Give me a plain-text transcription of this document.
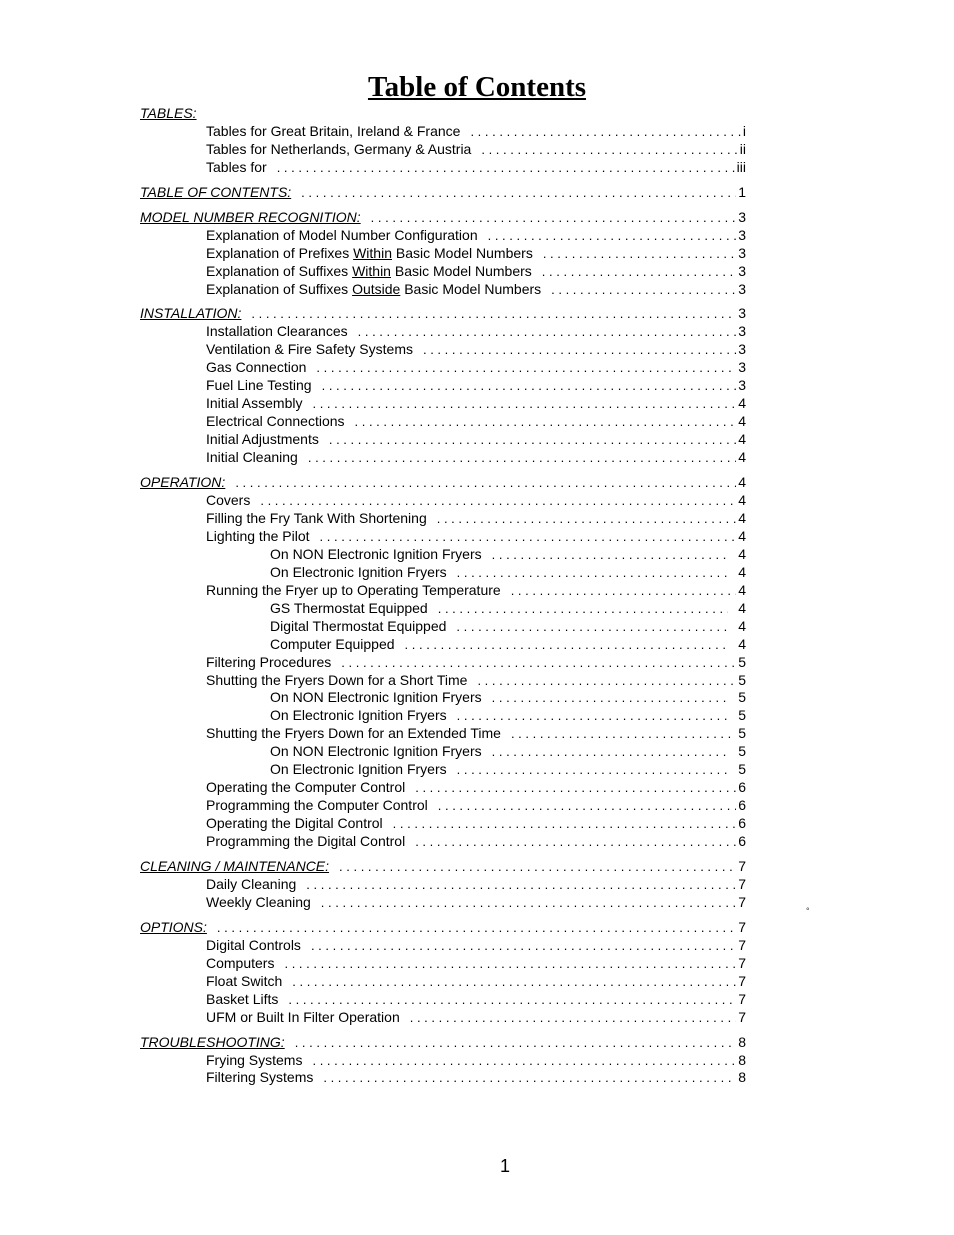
Table of Contents
TABLES:
Tables for Great Britain, Ireland & France . . .	i
Tables for Netherlands, Germany & Austria . . .	ii
Tables for . . .	iii
TABLE OF CONTENTS: . . .	1
MODEL NUMBER RECOGNITION: . . .	3
Explanation of Model Number Configuration . . .	3
Explanation of Prefixes Within Basic Model Numbers . . .	3
Explanation of Suffixes Within Basic Model Numbers . . .	3
Explanation of Suffixes Outside Basic Model Numbers . . .	3
INSTALLATION: . . .	3
Installation Clearances . . .	3
Ventilation & Fire Safety Systems . . .	3
Gas Connection . . .	3
Fuel Line Testing . . .	3
Initial Assembly . . .	4
Electrical Connections . . .	4
Initial Adjustments . . .	4
Initial Cleaning . . .	4
OPERATION: . . .	4
Covers . . .	4
Filling the Fry Tank With Shortening . . .	4
Lighting the Pilot . . .	4
On NON Electronic Ignition Fryers . . .	4
On Electronic Ignition Fryers . . .	4
Running the Fryer up to Operating Temperature . . .	4
GS Thermostat Equipped . . .	4
Digital Thermostat Equipped . . .	4
Computer Equipped . . .	4
Filtering Procedures . . .	5
Shutting the Fryers Down for a Short Time . . .	5
On NON Electronic Ignition Fryers . . .	5
On Electronic Ignition Fryers . . .	5
Shutting the Fryers Down for an Extended Time . . .	5
On NON Electronic Ignition Fryers . . .	5
On Electronic Ignition Fryers . . .	5
Operating the Computer Control . . .	6
Programming the Computer Control . . .	6
Operating the Digital Control . . .	6
Programming the Digital Control . . .	6
CLEANING / MAINTENANCE: . . .	7
Daily Cleaning . . .	7
Weekly Cleaning . . .	7
OPTIONS: . . .	7
Digital Controls . . .	7
Computers . . .	7
Float Switch . . .	7
Basket Lifts . . .	7
UFM or Built In Filter Operation . . .	7
TROUBLESHOOTING: . . .	8
Frying Systems . . .	8
Filtering Systems . . .	8
°
1
